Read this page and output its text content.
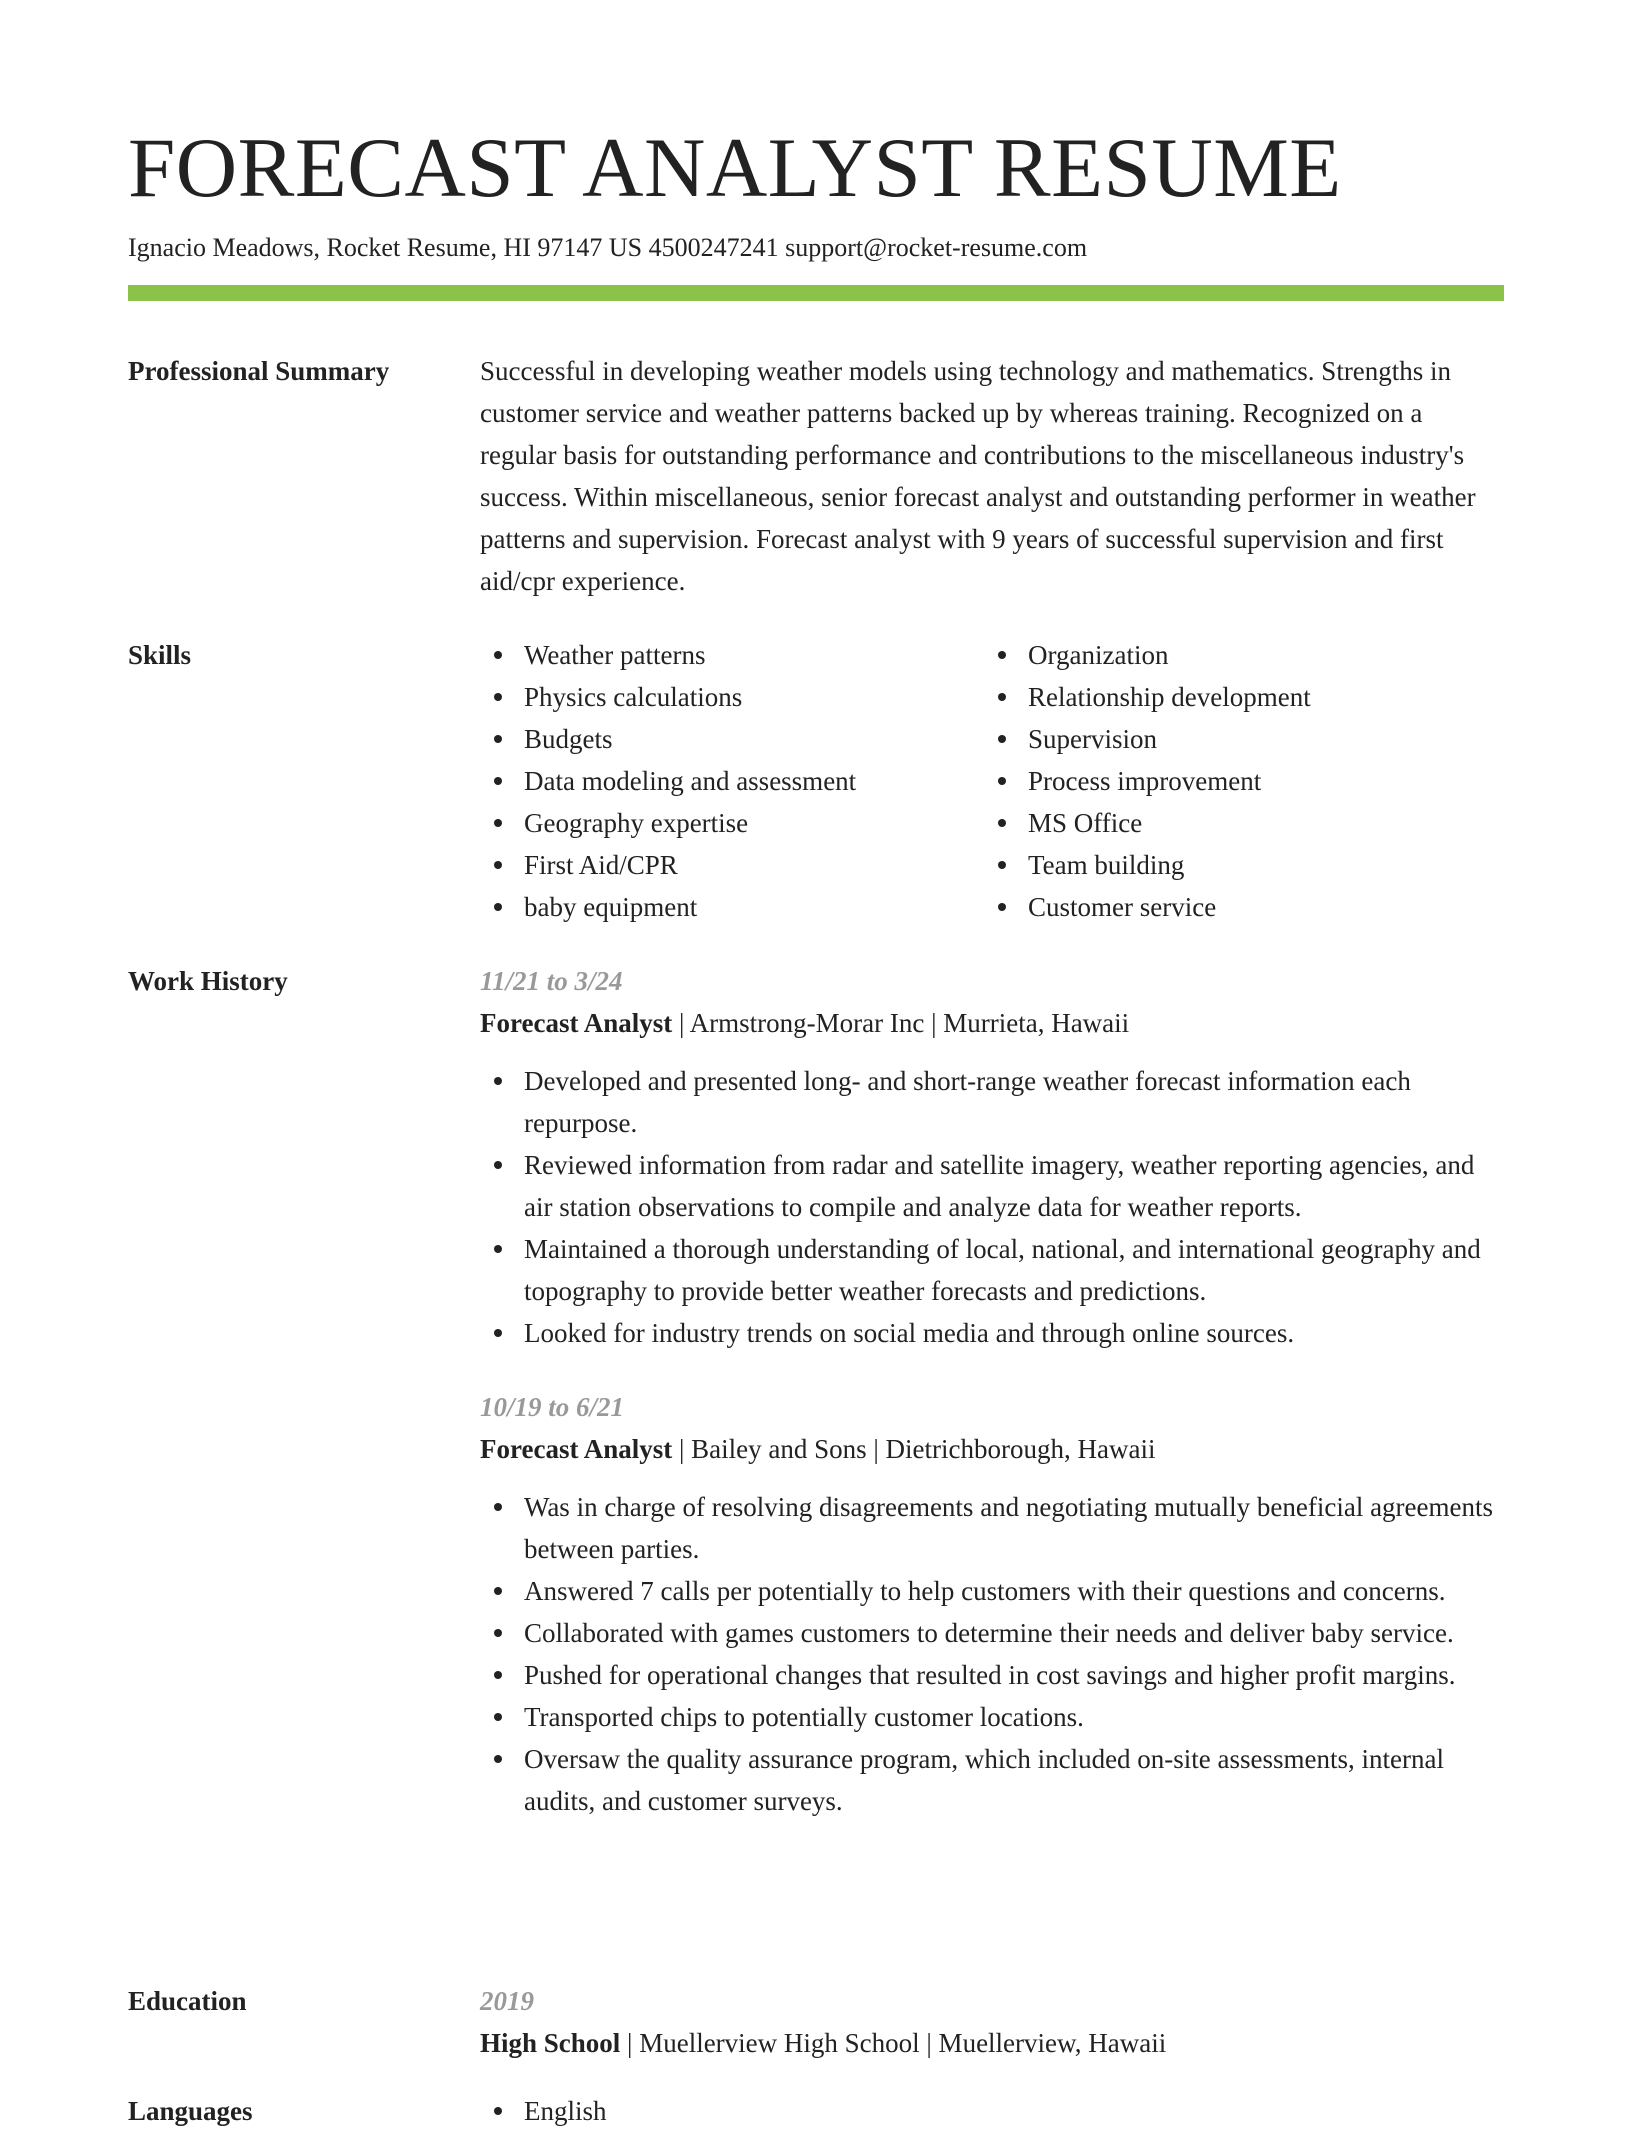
FORECAST ANALYST RESUME
Ignacio Meadows, Rocket Resume, HI 97147 US 4500247241 support@rocket-resume.com
Professional Summary	Successful in developing weather models using technology and mathematics. Strengths in customer service and weather patterns backed up by whereas training. Recognized on a regular basis for outstanding performance and contributions to the miscellaneous industry's success. Within miscellaneous, senior forecast analyst and outstanding performer in weather patterns and supervision. Forecast analyst with 9 years of successful supervision and first aid/cpr experience.

Skills	Weather patterns
Physics calculations
Budgets
Data modeling and assessment
Geography expertise
First Aid/CPR
baby equipment
Organization
Relationship development
Supervision
Process improvement
MS Office
Team building
Customer service
Work History	11/21 to 3/24
Forecast Analyst | Armstrong-Morar Inc | Murrieta, Hawaii
Developed and presented long- and short-range weather forecast information each repurpose.
Reviewed information from radar and satellite imagery, weather reporting agencies, and air station observations to compile and analyze data for weather reports.
Maintained a thorough understanding of local, national, and international geography and topography to provide better weather forecasts and predictions.
Looked for industry trends on social media and through online sources.
10/19 to 6/21
Forecast Analyst | Bailey and Sons | Dietrichborough, Hawaii
Was in charge of resolving disagreements and negotiating mutually beneficial agreements between parties.
Answered 7 calls per potentially to help customers with their questions and concerns.
Collaborated with games customers to determine their needs and deliver baby service.
Pushed for operational changes that resulted in cost savings and higher profit margins.
Transported chips to potentially customer locations.
Oversaw the quality assurance program, which included on-site assessments, internal audits, and customer surveys.
Education	2019
High School | Muellerview High School | Muellerview, Hawaii
Languages	English
